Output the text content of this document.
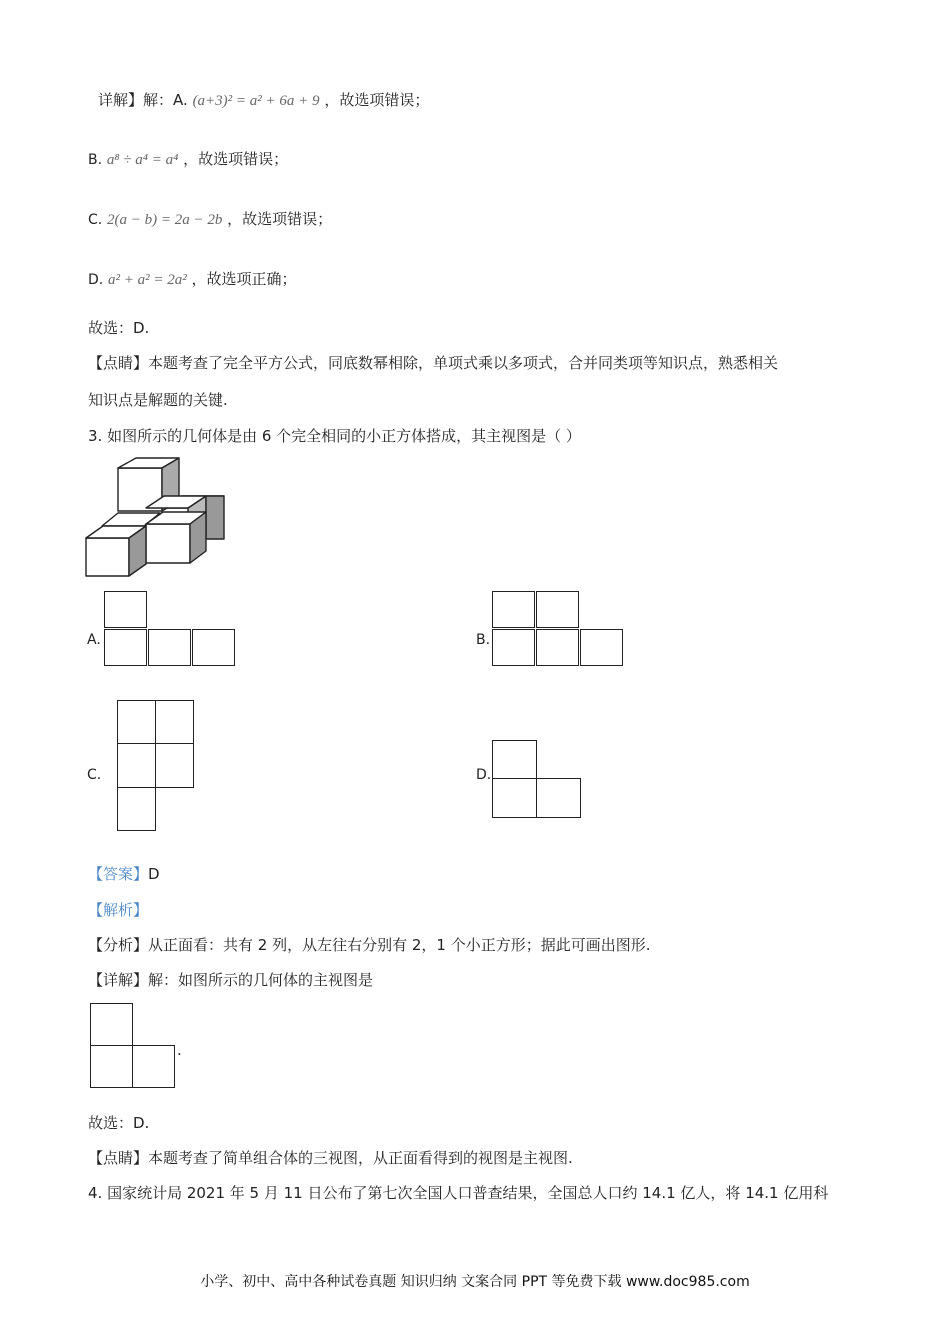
详解】解：A. (a+3)² = a² + 6a + 9 ，故选项错误；
B. a⁸ ÷ a⁴ = a⁴ ，故选项错误；
C. 2(a − b) = 2a − 2b ，故选项错误；
D. a² + a² = 2a² ，故选项正确；
故选：D.
【点睛】本题考查了完全平方公式，同底数幂相除，单项式乘以多项式，合并同类项等知识点，熟悉相关
知识点是解题的关键.
3. 如图所示的几何体是由 6 个完全相同的小正方体搭成，其主视图是（ ）
A.	B.
C.	D.
【答案】D
【解析】
【分析】从正面看：共有 2 列，从左往右分别有 2，1 个小正方形；据此可画出图形.
【详解】解：如图所示的几何体的主视图是
.
故选：D.
【点睛】本题考查了简单组合体的三视图，从正面看得到的视图是主视图.
4. 国家统计局 2021 年 5 月 11 日公布了第七次全国人口普查结果，全国总人口约 14.1 亿人，将 14.1 亿用科
小学、初中、高中各种试卷真题 知识归纳 文案合同 PPT 等免费下载 www.doc985.com
